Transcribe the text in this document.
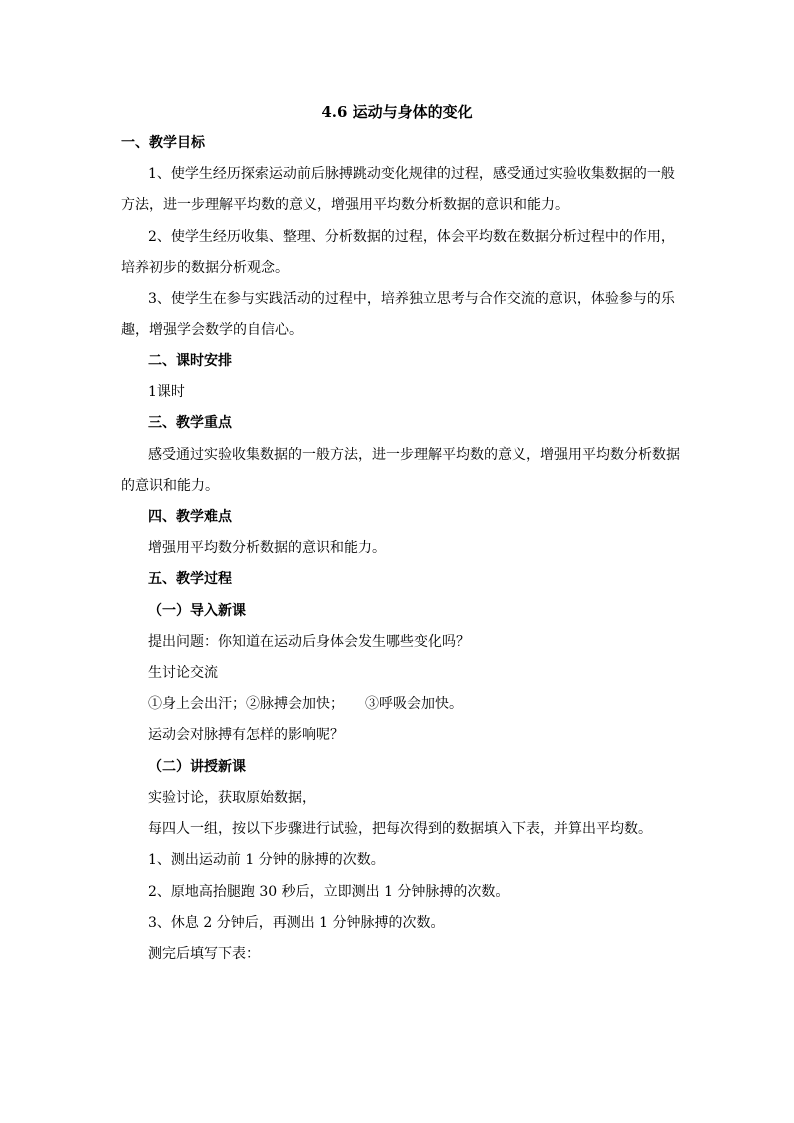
4.6 运动与身体的变化
一、教学目标
1、使学生经历探索运动前后脉搏跳动变化规律的过程，感受通过实验收集数据的一般
方法，进一步理解平均数的意义，增强用平均数分析数据的意识和能力。
2、使学生经历收集、整理、分析数据的过程，体会平均数在数据分析过程中的作用，
培养初步的数据分析观念。
3、使学生在参与实践活动的过程中，培养独立思考与合作交流的意识，体验参与的乐
趣，增强学会数学的自信心。
二、课时安排
1课时
三、教学重点
感受通过实验收集数据的一般方法，进一步理解平均数的意义，增强用平均数分析数据
的意识和能力。
四、教学难点
增强用平均数分析数据的意识和能力。
五、教学过程
（一）导入新课
提出问题：你知道在运动后身体会发生哪些变化吗？
生讨论交流
①身上会出汗；②脉搏会加快；　　③呼吸会加快。
运动会对脉搏有怎样的影响呢？
（二）讲授新课
实验讨论，获取原始数据，
每四人一组，按以下步骤进行试验，把每次得到的数据填入下表，并算出平均数。
1、测出运动前 1 分钟的脉搏的次数。
2、原地高抬腿跑 30 秒后，立即测出 1 分钟脉搏的次数。
3、休息 2 分钟后，再测出 1 分钟脉搏的次数。
测完后填写下表：
